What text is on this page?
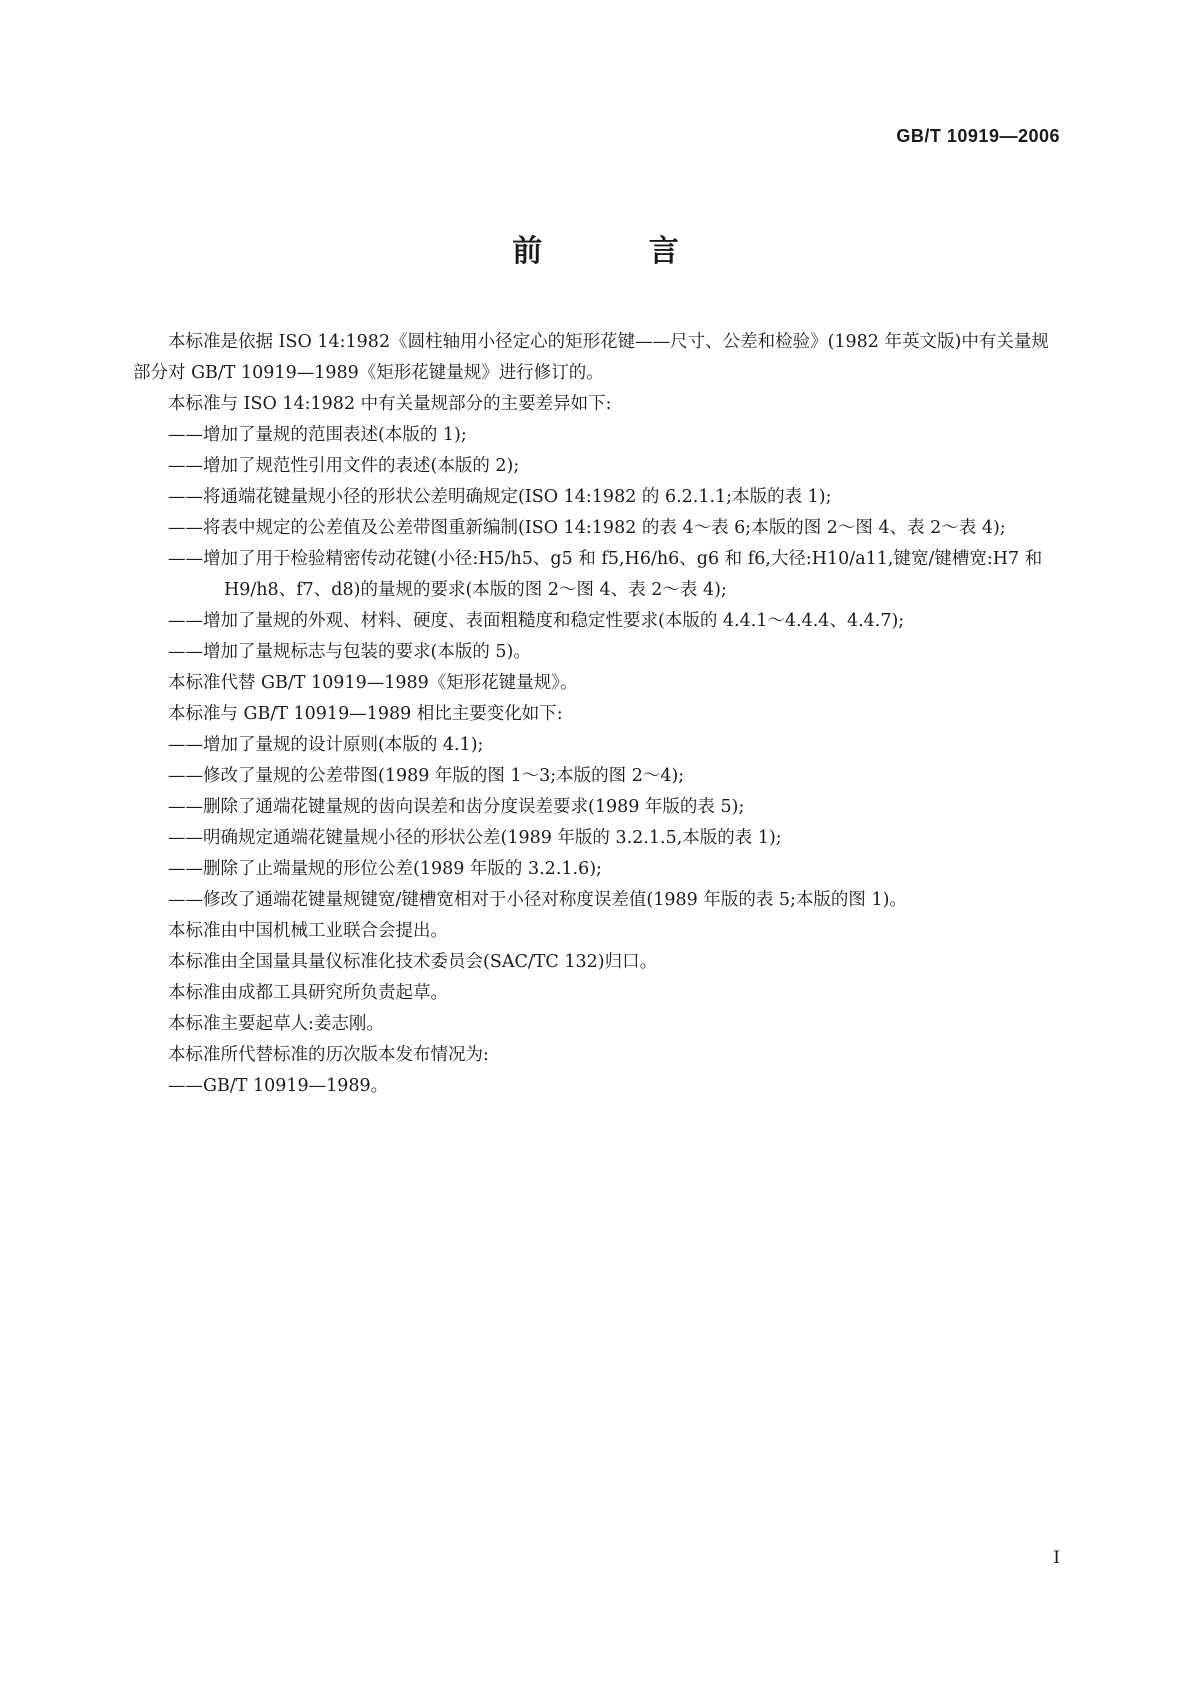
GB/T 10919—2006
前 言

本标准是依据 ISO 14:1982《圆柱轴用小径定心的矩形花键——尺寸、公差和检验》(1982 年英文版)中有关量规部分对 GB/T 10919—1989《矩形花键量规》进行修订的。

本标准与 ISO 14:1982 中有关量规部分的主要差异如下:

——增加了量规的范围表述(本版的 1);

——增加了规范性引用文件的表述(本版的 2);

——将通端花键量规小径的形状公差明确规定(ISO 14:1982 的 6.2.1.1;本版的表 1);

——将表中规定的公差值及公差带图重新编制(ISO 14:1982 的表 4～表 6;本版的图 2～图 4、表 2～表 4);

——增加了用于检验精密传动花键(小径:H5/h5、g5 和 f5,H6/h6、g6 和 f6,大径:H10/a11,键宽/键槽宽:H7 和 H9/h8、f7、d8)的量规的要求(本版的图 2～图 4、表 2～表 4);

——增加了量规的外观、材料、硬度、表面粗糙度和稳定性要求(本版的 4.4.1～4.4.4、4.4.7);

——增加了量规标志与包装的要求(本版的 5)。

本标准代替 GB/T 10919—1989《矩形花键量规》。

本标准与 GB/T 10919—1989 相比主要变化如下:

——增加了量规的设计原则(本版的 4.1);

——修改了量规的公差带图(1989 年版的图 1～3;本版的图 2～4);

——删除了通端花键量规的齿向误差和齿分度误差要求(1989 年版的表 5);

——明确规定通端花键量规小径的形状公差(1989 年版的 3.2.1.5,本版的表 1);

——删除了止端量规的形位公差(1989 年版的 3.2.1.6);

——修改了通端花键量规键宽/键槽宽相对于小径对称度误差值(1989 年版的表 5;本版的图 1)。

本标准由中国机械工业联合会提出。

本标准由全国量具量仪标准化技术委员会(SAC/TC 132)归口。

本标准由成都工具研究所负责起草。

本标准主要起草人:姜志刚。

本标准所代替标准的历次版本发布情况为:

——GB/T 10919—1989。

I
